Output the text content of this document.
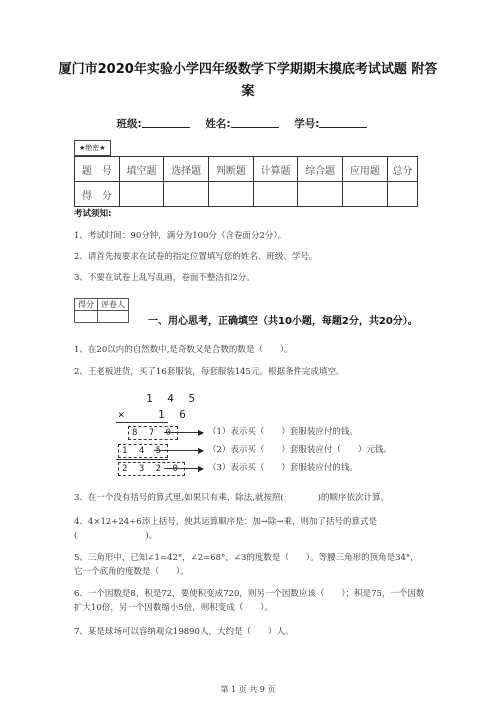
厦门市2020年实验小学四年级数学下学期期末摸底考试试题 附答
案
班级:	姓名:	学号:
★绝密★
题　号	填空题	选择题	判断题	计算题	综合题	应用题	总分
得　分							
考试须知:
1、考试时间：90分钟，满分为100分（含卷面分2分）。
2、请首先按要求在试卷的指定位置填写您的姓名、班级、学号。
3、不要在试卷上乱写乱画，卷面不整洁扣2分。
得分	评卷人

一、用心思考，正确填空（共10小题，每题2分，共20分）。
1、在20以内的自然数中,是奇数又是合数的数是（　　）。
2、王老板进货，买了16套服装，每套服装145元。根据条件完成填空。
1 4 5
×	1 6
8 7 0	▶ （1）表示买（　　）套服装应付的钱。
1 4 5	▶ （2）表示买（　　）套服装应付（　　）元钱。
2 3 2 0	▶ （3）表示买（　　）套服装应付的钱。
3、在一个没有括号的算式里,如果只有乘、除法,就按照(　　　　)的顺序依次计算。
4、4×12+24÷6添上括号，使其运算顺序是：加→除→乘，则加了括号的算式是
(　　　　　　　　)。
5、三角形中，已知∠1=42°，∠2=68°，∠3的度数是（　　）。等腰三角形的顶角是34°，
它一个底角的度数是（　　）。
6、一个因数是8，积是72，要使积变成720，则另一个因数应该（　　）；积是75，一个因数
扩大10倍，另一个因数缩小5倍，则积变成（　　）。
7、某是球场可以容纳观众19890人，大约是（　　）人。
第 1 页 共 9 页
